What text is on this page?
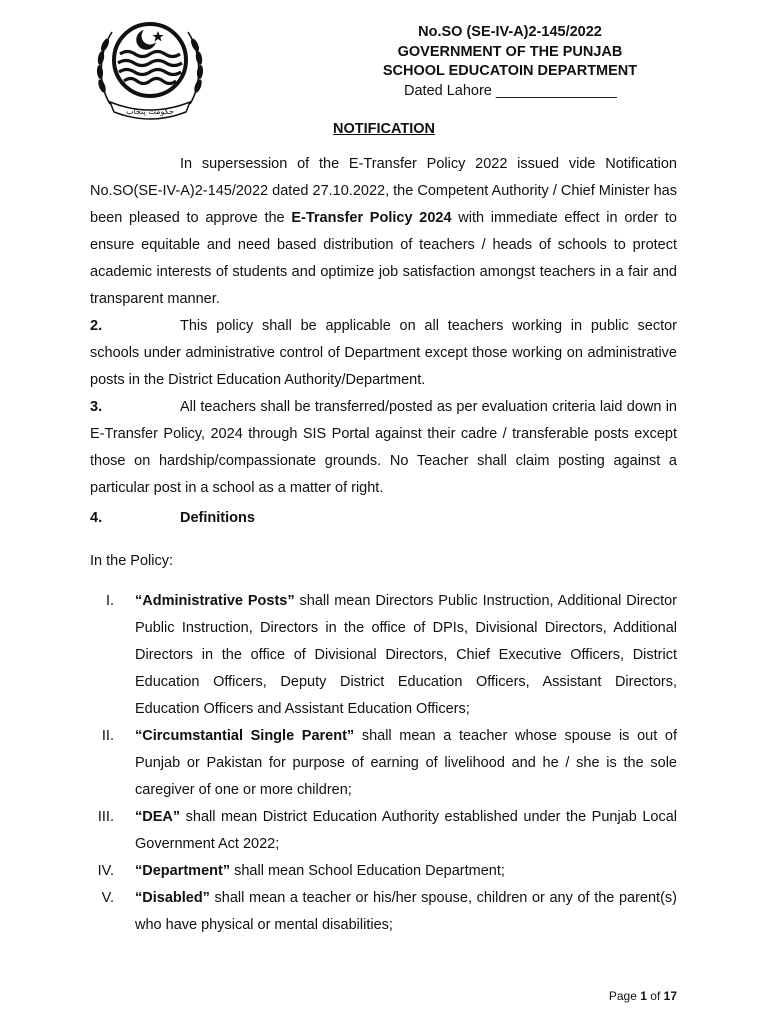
حکومت پنجاب
No.SO (SE-IV-A)2-145/2022
GOVERNMENT OF THE PUNJAB
SCHOOL EDUCATOIN DEPARTMENT
Dated Lahore _______________
NOTIFICATION

In supersession of the E-Transfer Policy 2022 issued vide Notification No.SO(SE-IV-A)2-145/2022 dated 27.10.2022, the Competent Authority / Chief Minister has been pleased to approve the E-Transfer Policy 2024 with immediate effect in order to ensure equitable and need based distribution of teachers / heads of schools to protect academic interests of students and optimize job satisfaction amongst teachers in a fair and transparent manner.

2.	This policy shall be applicable on all teachers working in public sector schools under administrative control of Department except those working on administrative posts in the District Education Authority/Department.

3.	All teachers shall be transferred/posted as per evaluation criteria laid down in E-Transfer Policy, 2024 through SIS Portal against their cadre / transferable posts except those on hardship/compassionate grounds. No Teacher shall claim posting against a particular post in a school as a matter of right.

4.	Definitions
In the Policy:

I. “Administrative Posts” shall mean Directors Public Instruction, Additional Director Public Instruction, Directors in the office of DPIs, Divisional Directors, Additional Directors in the office of Divisional Directors, Chief Executive Officers, District Education Officers, Deputy District Education Officers, Assistant Directors, Education Officers and Assistant Education Officers;

II. “Circumstantial Single Parent” shall mean a teacher whose spouse is out of Punjab or Pakistan for purpose of earning of livelihood and he / she is the sole caregiver of one or more children;

III. “DEA” shall mean District Education Authority established under the Punjab Local Government Act 2022;

IV. “Department” shall mean School Education Department;

V. “Disabled” shall mean a teacher or his/her spouse, children or any of the parent(s) who have physical or mental disabilities;

Page 1 of 17
